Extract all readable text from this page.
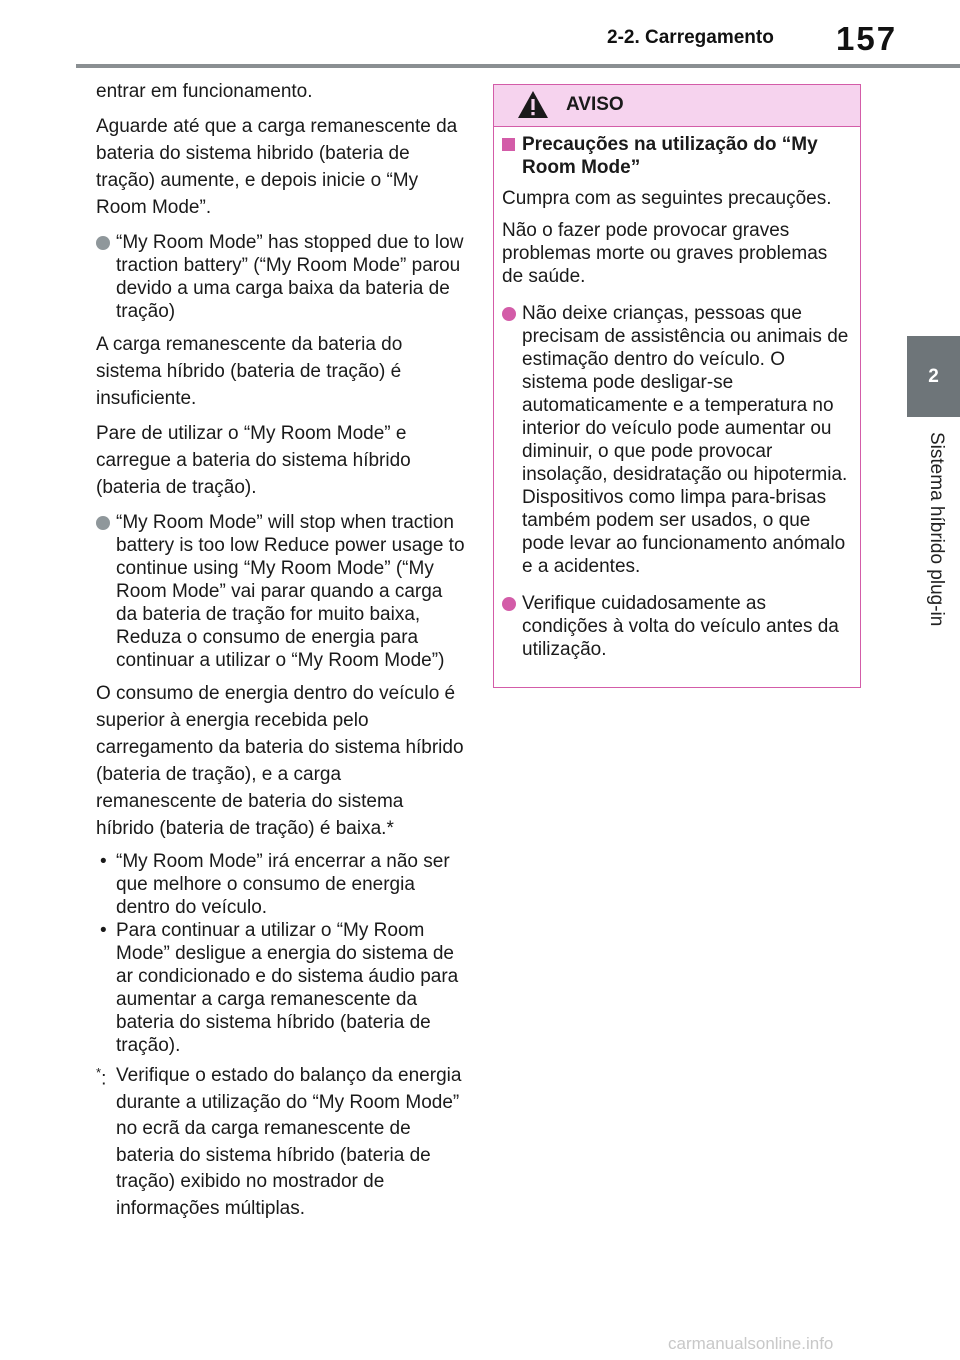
2-2. Carregamento 157
2
Sistema híbrido plug-in

entrar em funcionamento.

Aguarde até que a carga remanescente da bateria do sistema hibrido (bateria de tração) aumente, e depois inicie o “My Room Mode”.

“My Room Mode” has stopped due to low traction battery” (“My Room Mode” parou devido a uma carga baixa da bateria de tração)

A carga remanescente da bateria do sistema híbrido (bateria de tração) é insuficiente.

Pare de utilizar o “My Room Mode” e carregue a bateria do sistema híbrido (bateria de tração).

“My Room Mode” will stop when traction battery is too low Reduce power usage to continue using “My Room Mode” (“My Room Mode” vai parar quando a carga da bateria de tração for muito baixa, Reduza o consumo de energia para continuar a utilizar o “My Room Mode”)

O consumo de energia dentro do veículo é superior à energia recebida pelo carregamento da bateria do sistema híbrido (bateria de tração), e a carga remanescente de bateria do sistema híbrido (bateria de tração) é baixa.*

• “My Room Mode” irá encerrar a não ser que melhore o consumo de energia dentro do veículo.
• Para continuar a utilizar o “My Room Mode” desligue a energia do sistema de ar condicionado e do sistema áudio para aumentar a carga remanescente da bateria do sistema híbrido (bateria de tração).
*: Verifique o estado do balanço da energia durante a utilização do “My Room Mode” no ecrã da carga remanescente de bateria do sistema híbrido (bateria de tração) exibido no mostrador de informações múltiplas.
AVISO
Precauções na utilização do “My Room Mode”

Cumpra com as seguintes precauções.

Não o fazer pode provocar graves problemas morte ou graves problemas de saúde.

Não deixe crianças, pessoas que precisam de assistência ou animais de estimação dentro do veículo. O sistema pode desligar-se automaticamente e a temperatura no interior do veículo pode aumentar ou diminuir, o que pode provocar insolação, desidratação ou hipotermia. Dispositivos como limpa para-brisas também podem ser usados, o que pode levar ao funcionamento anómalo e a acidentes.
Verifique cuidadosamente as condições à volta do veículo antes da utilização.
carmanualsonline.info
